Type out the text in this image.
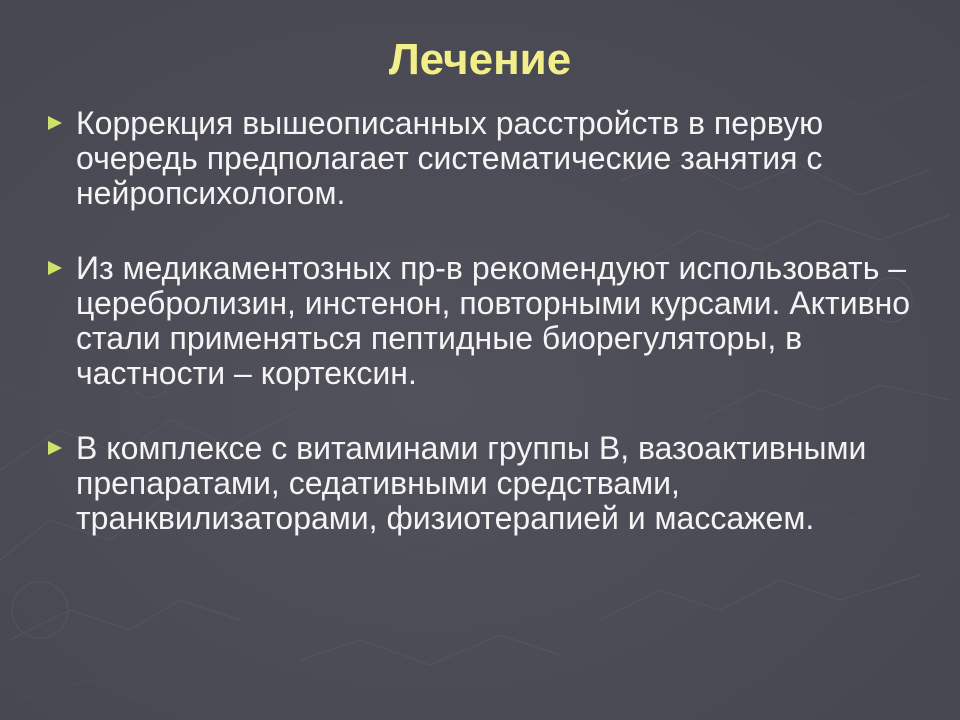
Лечение
Коррекция вышеописанных расстройств в первую очередь предполагает систематические занятия с нейропсихологом.
Из медикаментозных пр-в рекомендуют использовать – церебролизин, инстенон, повторными курсами. Активно стали применяться пептидные биорегуляторы, в частности – кортексин.
В комплексе с витаминами группы В, вазоактивными препаратами, седативными средствами, транквилизаторами, физиотерапией и массажем.
